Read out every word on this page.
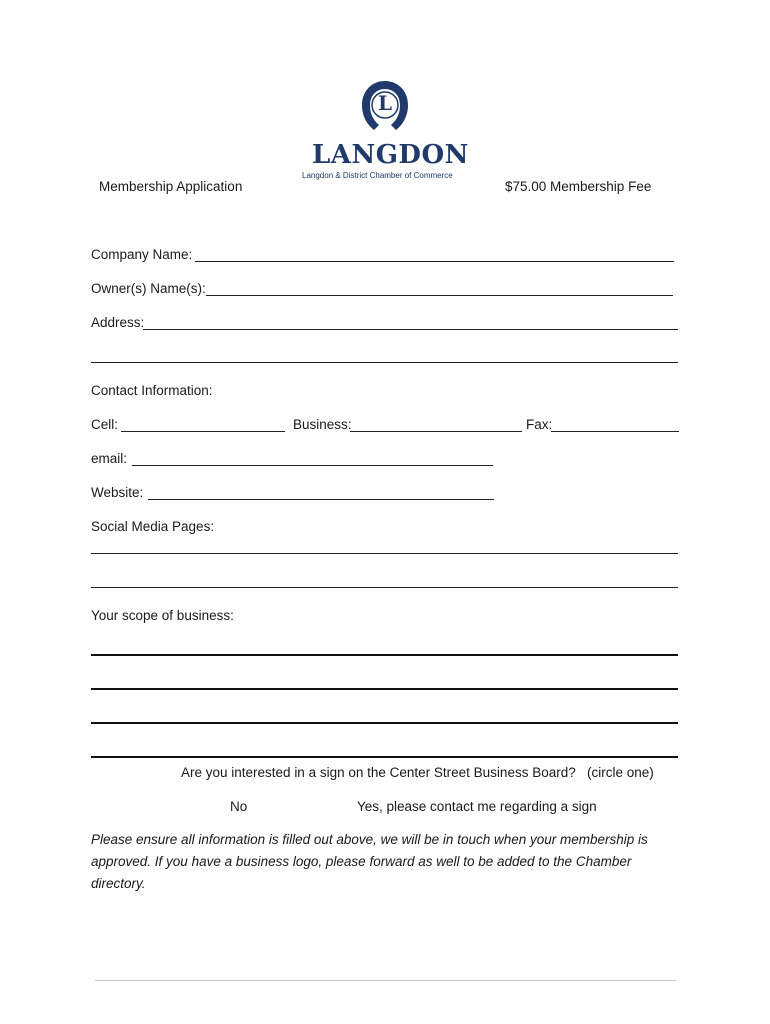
L
LANGDON
Langdon & District Chamber of Commerce
Membership Application	$75.00 Membership Fee
Company Name:
Owner(s) Name(s):
Address:
Contact Information:
Cell:	Business:	Fax:
email:
Website:
Social Media Pages:
Your scope of business:
Are you interested in a sign on the Center Street Business Board?   (circle one)
No	Yes, please contact me regarding a sign
Please ensure all information is filled out above, we will be in touch when your membership is approved. If you have a business logo, please forward as well to be added to the Chamber directory.
